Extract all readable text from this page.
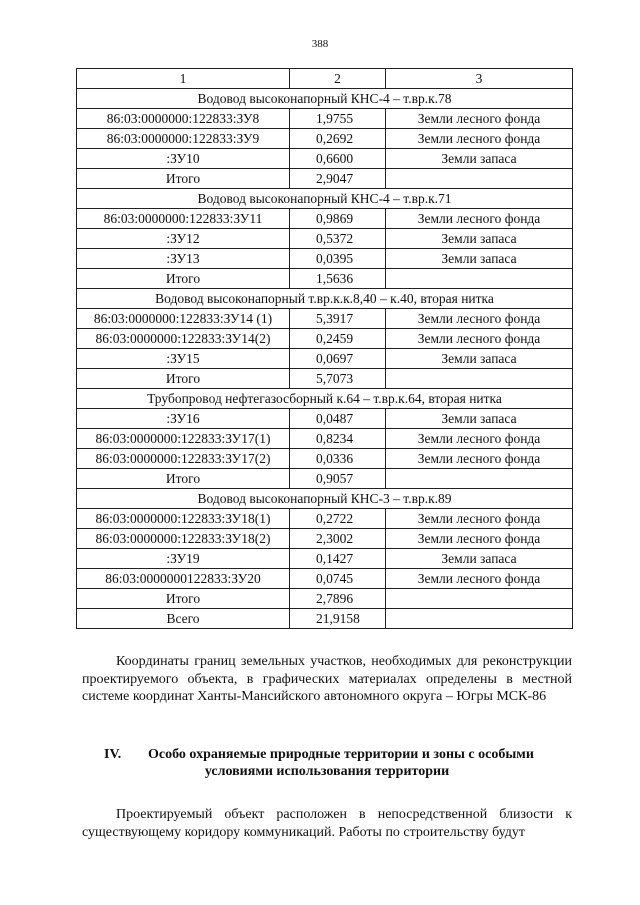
388
1	2	3
Водовод высоконапорный КНС-4 – т.вр.к.78		
86:03:0000000:122833:ЗУ8	1,9755	Земли лесного фонда
86:03:0000000:122833:ЗУ9	0,2692	Земли лесного фонда
:ЗУ10	0,6600	Земли запаса
Итого	2,9047	
Водовод высоконапорный КНС-4 – т.вр.к.71		
86:03:0000000:122833:ЗУ11	0,9869	Земли лесного фонда
:ЗУ12	0,5372	Земли запаса
:ЗУ13	0,0395	Земли запаса
Итого	1,5636	
Водовод высоконапорный т.вр.к.к.8,40 – к.40, вторая нитка		
86:03:0000000:122833:ЗУ14 (1)	5,3917	Земли лесного фонда
86:03:0000000:122833:ЗУ14(2)	0,2459	Земли лесного фонда
:ЗУ15	0,0697	Земли запаса
Итого	5,7073	
Трубопровод нефтегазосборный к.64 – т.вр.к.64, вторая нитка		
:ЗУ16	0,0487	Земли запаса
86:03:0000000:122833:ЗУ17(1)	0,8234	Земли лесного фонда
86:03:0000000:122833:ЗУ17(2)	0,0336	Земли лесного фонда
Итого	0,9057	
Водовод высоконапорный КНС-3 – т.вр.к.89		
86:03:0000000:122833:ЗУ18(1)	0,2722	Земли лесного фонда
86:03:0000000:122833:ЗУ18(2)	2,3002	Земли лесного фонда
:ЗУ19	0,1427	Земли запаса
86:03:0000000122833:ЗУ20	0,0745	Земли лесного фонда
Итого	2,7896	
Всего	21,9158	

Координаты границ земельных участков, необходимых для реконструкции проектируемого объекта, в графических материалах определены в местной системе координат Ханты-Мансийского автономного округа – Югры МСК-86

IV. Особо охраняемые природные территории и зоны с особыми
условиями использования территории

Проектируемый объект расположен в непосредственной близости к существующему коридору коммуникаций. Работы по строительству будут
